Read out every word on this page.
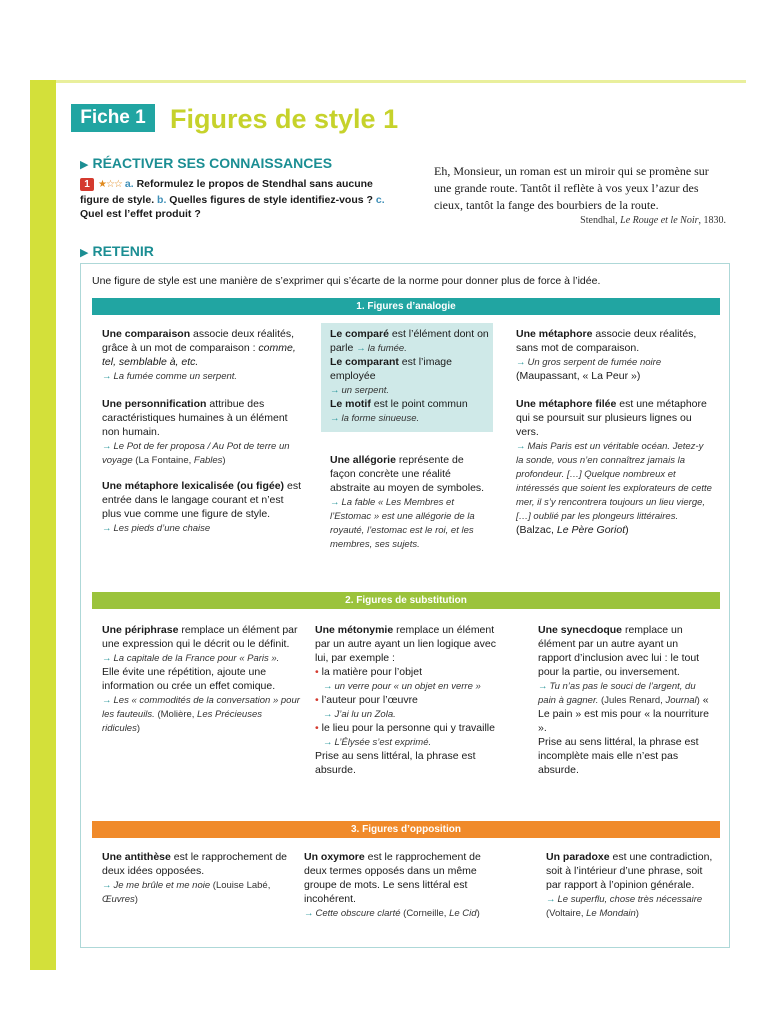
Fiche 1 Figures de style 1
▶ RÉACTIVER SES CONNAISSANCES
1 ★☆☆ a. Reformulez le propos de Stendhal sans aucune figure de style. b. Quelles figures de style identifiez-vous ? c. Quel est l’effet produit ?
Eh, Monsieur, un roman est un miroir qui se promène sur une grande route. Tantôt il reflète à vos yeux l’azur des cieux, tantôt la fange des bourbiers de la route.
Stendhal, Le Rouge et le Noir, 1830.
▶ RETENIR
Une figure de style est une manière de s’exprimer qui s’écarte de la norme pour donner plus de force à l’idée.
1. Figures d’analogie

Une comparaison associe deux réalités, grâce à un mot de comparaison : comme, tel, semblable à, etc.
→ La fumée comme un serpent.

Une personnification attribue des caractéristiques humaines à un élément non humain.
→ Le Pot de fer proposa / Au Pot de terre un voyage (La Fontaine, Fables)

Une métaphore lexicalisée (ou figée) est entrée dans le langage courant et n’est plus vue comme une figure de style.
→ Les pieds d’une chaise

Le comparé est l’élément dont on parle → la fumée.
Le comparant est l’image employée
→ un serpent.
Le motif est le point commun
→ la forme sinueuse.

Une allégorie représente de façon concrète une réalité abstraite au moyen de symboles.
→ La fable « Les Membres et l’Estomac » est une allégorie de la royauté, l’estomac est le roi, et les membres, ses sujets.

Une métaphore associe deux réalités, sans mot de comparaison.
→ Un gros serpent de fumée noire
(Maupassant, « La Peur »)

Une métaphore filée est une métaphore qui se poursuit sur plusieurs lignes ou vers.
→ Mais Paris est un véritable océan. Jetez-y la sonde, vous n’en connaîtrez jamais la profondeur. […] Quelque nombreux et intéressés que soient les explorateurs de cette mer, il s’y rencontrera toujours un lieu vierge, […] oublié par les plongeurs littéraires.
(Balzac, Le Père Goriot)

2. Figures de substitution

Une périphrase remplace un élément par une expression qui le décrit ou le définit.
→ La capitale de la France pour « Paris ».
Elle évite une répétition, ajoute une information ou crée un effet comique.
→ Les « commodités de la conversation » pour les fauteuils. (Molière, Les Précieuses ridicules)

Une métonymie remplace un élément par un autre ayant un lien logique avec lui, par exemple :
• la matière pour l’objet
→ un verre pour « un objet en verre »
• l’auteur pour l’œuvre
→ J’ai lu un Zola.
• le lieu pour la personne qui y travaille
→ L’Élysée s’est exprimé.
Prise au sens littéral, la phrase est absurde.

Une synecdoque remplace un élément par un autre ayant un rapport d’inclusion avec lui : le tout pour la partie, ou inversement.
→ Tu n’as pas le souci de l’argent, du pain à gagner. (Jules Renard, Journal) « Le pain » est mis pour « la nourriture ».
Prise au sens littéral, la phrase est incomplète mais elle n’est pas absurde.

3. Figures d’opposition

Une antithèse est le rapprochement de deux idées opposées.
→ Je me brûle et me noie (Louise Labé, Œuvres)

Un oxymore est le rapprochement de deux termes opposés dans un même groupe de mots. Le sens littéral est incohérent.
→ Cette obscure clarté (Corneille, Le Cid)

Un paradoxe est une contradiction, soit à l’intérieur d’une phrase, soit par rapport à l’opinion générale.
→ Le superflu, chose très nécessaire (Voltaire, Le Mondain)
